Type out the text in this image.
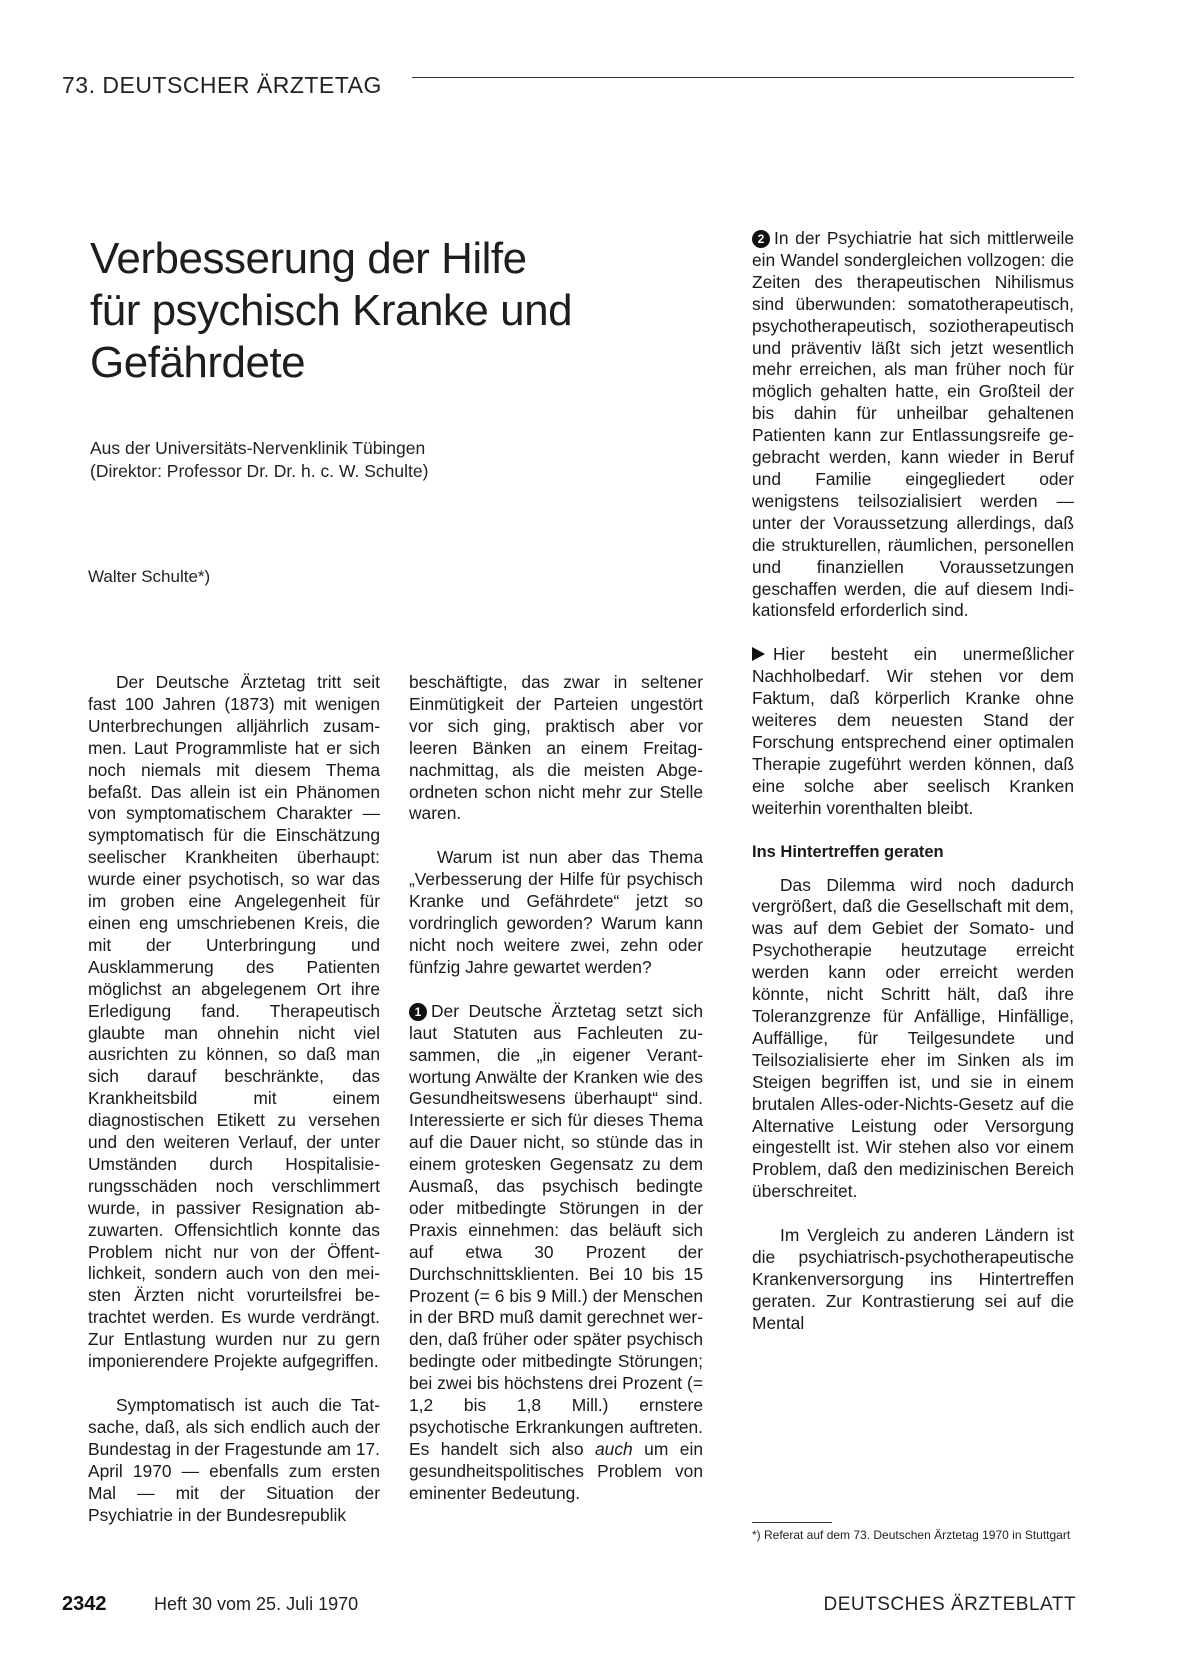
73. DEUTSCHER ÄRZTETAG
Verbesserung der Hilfe
für psychisch Kranke und
Gefährdete
Aus der Universitäts-Nervenklinik Tübingen
(Direktor: Professor Dr. Dr. h. c. W. Schulte)
Walter Schulte*)

Der Deutsche Ärztetag tritt seit fast 100 Jahren (1873) mit wenigen Unterbrechungen alljährlich zusammen. Laut Programmliste hat er sich noch niemals mit diesem Thema befaßt. Das allein ist ein Phänomen von symptomatischem Charakter — symptomatisch für die Einschätzung seelischer Krankheiten überhaupt: wurde einer psychotisch, so war das im groben eine Angelegenheit für einen eng umschriebenen Kreis, die mit der Unterbringung und Ausklammerung des Patienten möglichst an abgelegenem Ort ihre Erledigung fand. Therapeutisch glaubte man ohnehin nicht viel ausrichten zu können, so daß man sich darauf beschränkte, das Krankheitsbild mit einem diagnostischen Etikett zu versehen und den weiteren Verlauf, der unter Umständen durch Hospitalisierungsschäden noch verschlimmert wurde, in passiver Resignation abzuwarten. Offensichtlich konnte das Problem nicht nur von der Öffentlichkeit, sondern auch von den meisten Ärzten nicht vorurteilsfrei betrachtet werden. Es wurde verdrängt. Zur Entlastung wurden nur zu gern imponierendere Projekte aufgegriffen.

Symptomatisch ist auch die Tatsache, daß, als sich endlich auch der Bundestag in der Fragestunde am 17. April 1970 — ebenfalls zum ersten Mal — mit der Situation der Psychiatrie in der Bundesrepublik

beschäftigte, das zwar in seltener Einmütigkeit der Parteien ungestört vor sich ging, praktisch aber vor leeren Bänken an einem Freitagnachmittag, als die meisten Abgeordneten schon nicht mehr zur Stelle waren.

Warum ist nun aber das Thema „Verbesserung der Hilfe für psychisch Kranke und Gefährdete“ jetzt so vordringlich geworden? Warum kann nicht noch weitere zwei, zehn oder fünfzig Jahre gewartet werden?

1 Der Deutsche Ärztetag setzt sich laut Statuten aus Fachleuten zusammen, die „in eigener Verantwortung Anwälte der Kranken wie des Gesundheitswesens überhaupt“ sind. Interessierte er sich für dieses Thema auf die Dauer nicht, so stünde das in einem grotesken Gegensatz zu dem Ausmaß, das psychisch bedingte oder mitbedingte Störungen in der Praxis einnehmen: das beläuft sich auf etwa 30 Prozent der Durchschnittsklienten. Bei 10 bis 15 Prozent (= 6 bis 9 Mill.) der Menschen in der BRD muß damit gerechnet werden, daß früher oder später psychisch bedingte oder mitbedingte Störungen; bei zwei bis höchstens drei Prozent (= 1,2 bis 1,8 Mill.) ernstere psychotische Erkrankungen auftreten. Es handelt sich also auch um ein gesundheitspolitisches Problem von eminenter Bedeutung.

2 In der Psychiatrie hat sich mittlerweile ein Wandel sondergleichen vollzogen: die Zeiten des therapeutischen Nihilismus sind überwunden: somatotherapeutisch, psychotherapeutisch, soziotherapeutisch und präventiv läßt sich jetzt wesentlich mehr erreichen, als man früher noch für möglich gehalten hatte, ein Großteil der bis dahin für unheilbar gehaltenen Patienten kann zur Entlassungsreife gegebracht werden, kann wieder in Beruf und Familie eingegliedert oder wenigstens teilsozialisiert werden — unter der Voraussetzung allerdings, daß die strukturellen, räumlichen, personellen und finanziellen Voraussetzungen geschaffen werden, die auf diesem Indikationsfeld erforderlich sind.

Hier besteht ein unermeßlicher Nachholbedarf. Wir stehen vor dem Faktum, daß körperlich Kranke ohne weiteres dem neuesten Stand der Forschung entsprechend einer optimalen Therapie zugeführt werden können, daß eine solche aber seelisch Kranken weiterhin vorenthalten bleibt.

Ins Hintertreffen geraten

Das Dilemma wird noch dadurch vergrößert, daß die Gesellschaft mit dem, was auf dem Gebiet der Somato- und Psychotherapie heutzutage erreicht werden kann oder erreicht werden könnte, nicht Schritt hält, daß ihre Toleranzgrenze für Anfällige, Hinfällige, Auffällige, für Teilgesundete und Teilsozialisierte eher im Sinken als im Steigen begriffen ist, und sie in einem brutalen Alles-oder-Nichts-Gesetz auf die Alternative Leistung oder Versorgung eingestellt ist. Wir stehen also vor einem Problem, daß den medizinischen Bereich überschreitet.

Im Vergleich zu anderen Ländern ist die psychiatrisch-psychotherapeutische Krankenversorgung ins Hintertreffen geraten. Zur Kontrastierung sei auf die Mental

*) Referat auf dem 73. Deutschen Ärztetag 1970 in Stuttgart
2342	Heft 30 vom 25. Juli 1970	DEUTSCHES ÄRZTEBLATT
